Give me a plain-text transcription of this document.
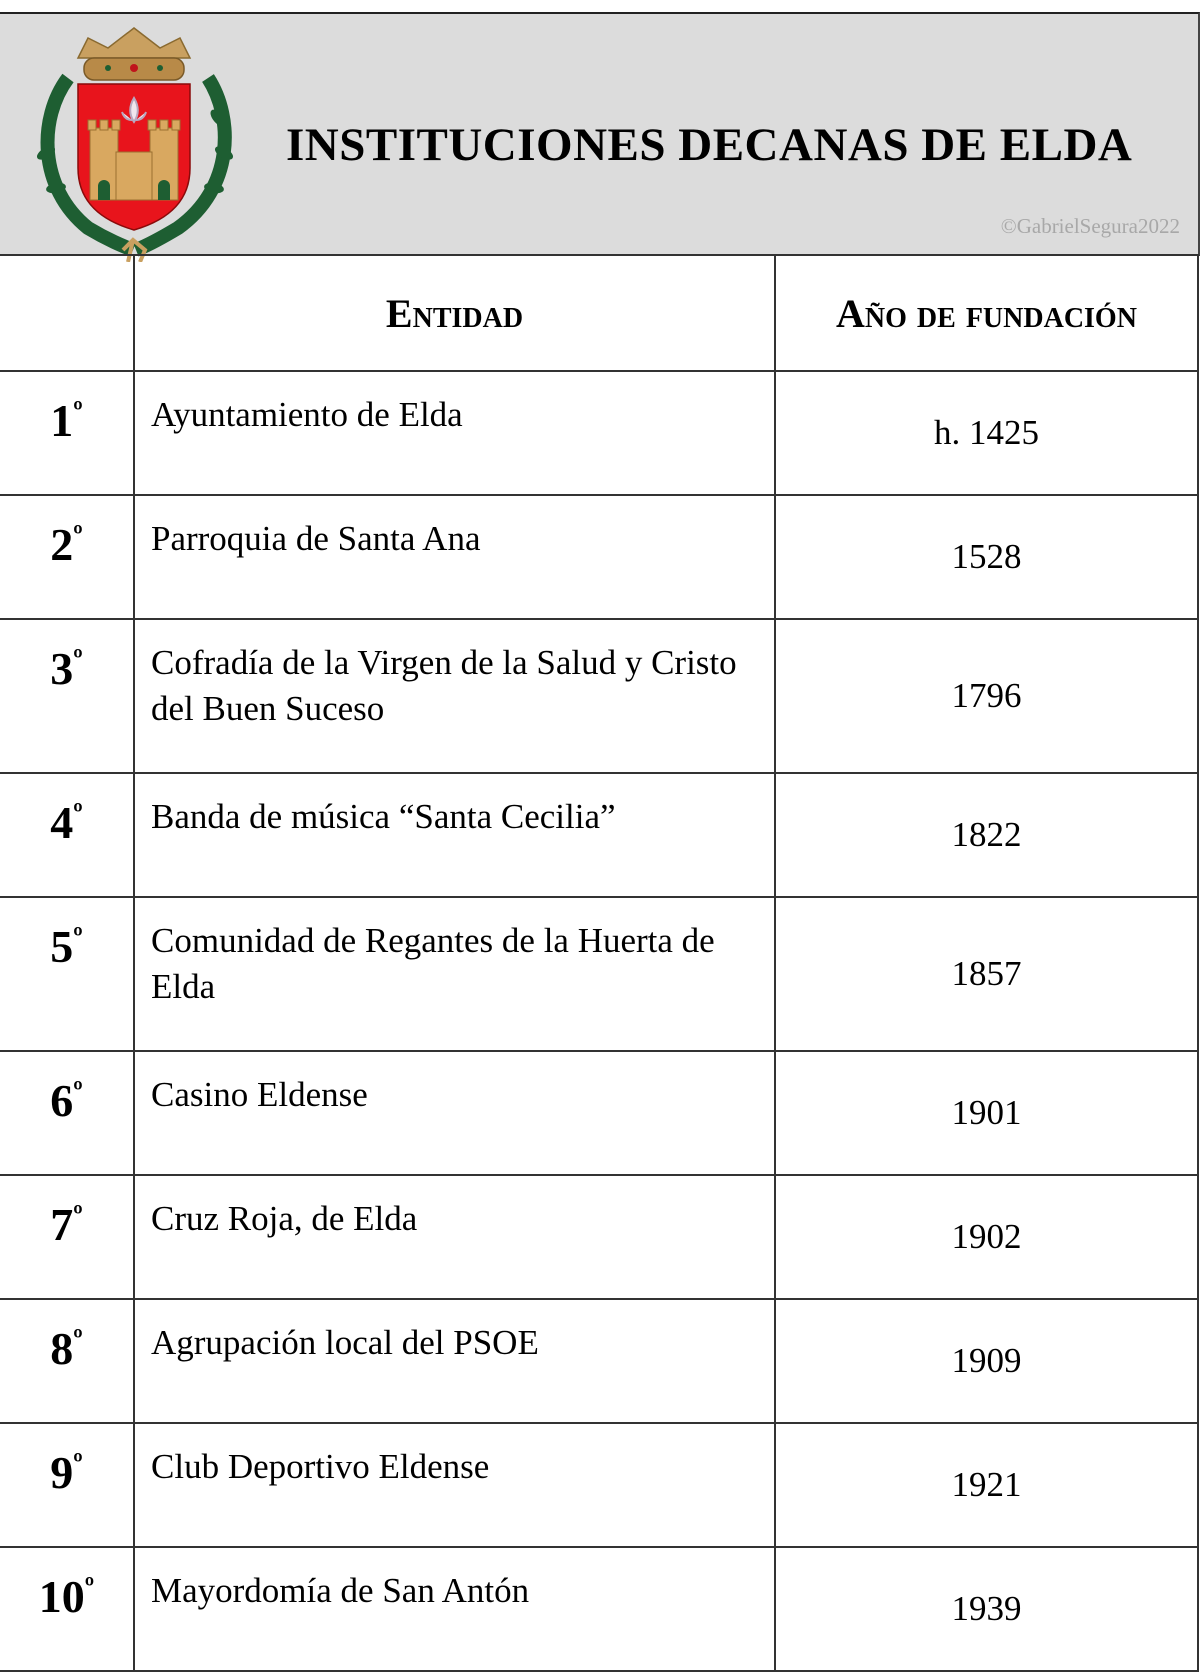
INSTITUCIONES DECANAS DE ELDA
©GabrielSegura2022
	Entidad	Año de fundación
$1^º$	Ayuntamiento de Elda	h. 1425
$2^º$	Parroquia de Santa Ana	1528
$3^º$	Cofradía de la Virgen de la Salud y Cristo del Buen Suceso	1796
$4^º$	Banda de música “Santa Cecilia”	1822
$5^º$	Comunidad de Regantes de la Huerta de Elda	1857
$6^º$	Casino Eldense	1901
$7^º$	Cruz Roja, de Elda	1902
$8^º$	Agrupación local del PSOE	1909
$9^º$	Club Deportivo Eldense	1921
$10^º$	Mayordomía de San Antón	1939
